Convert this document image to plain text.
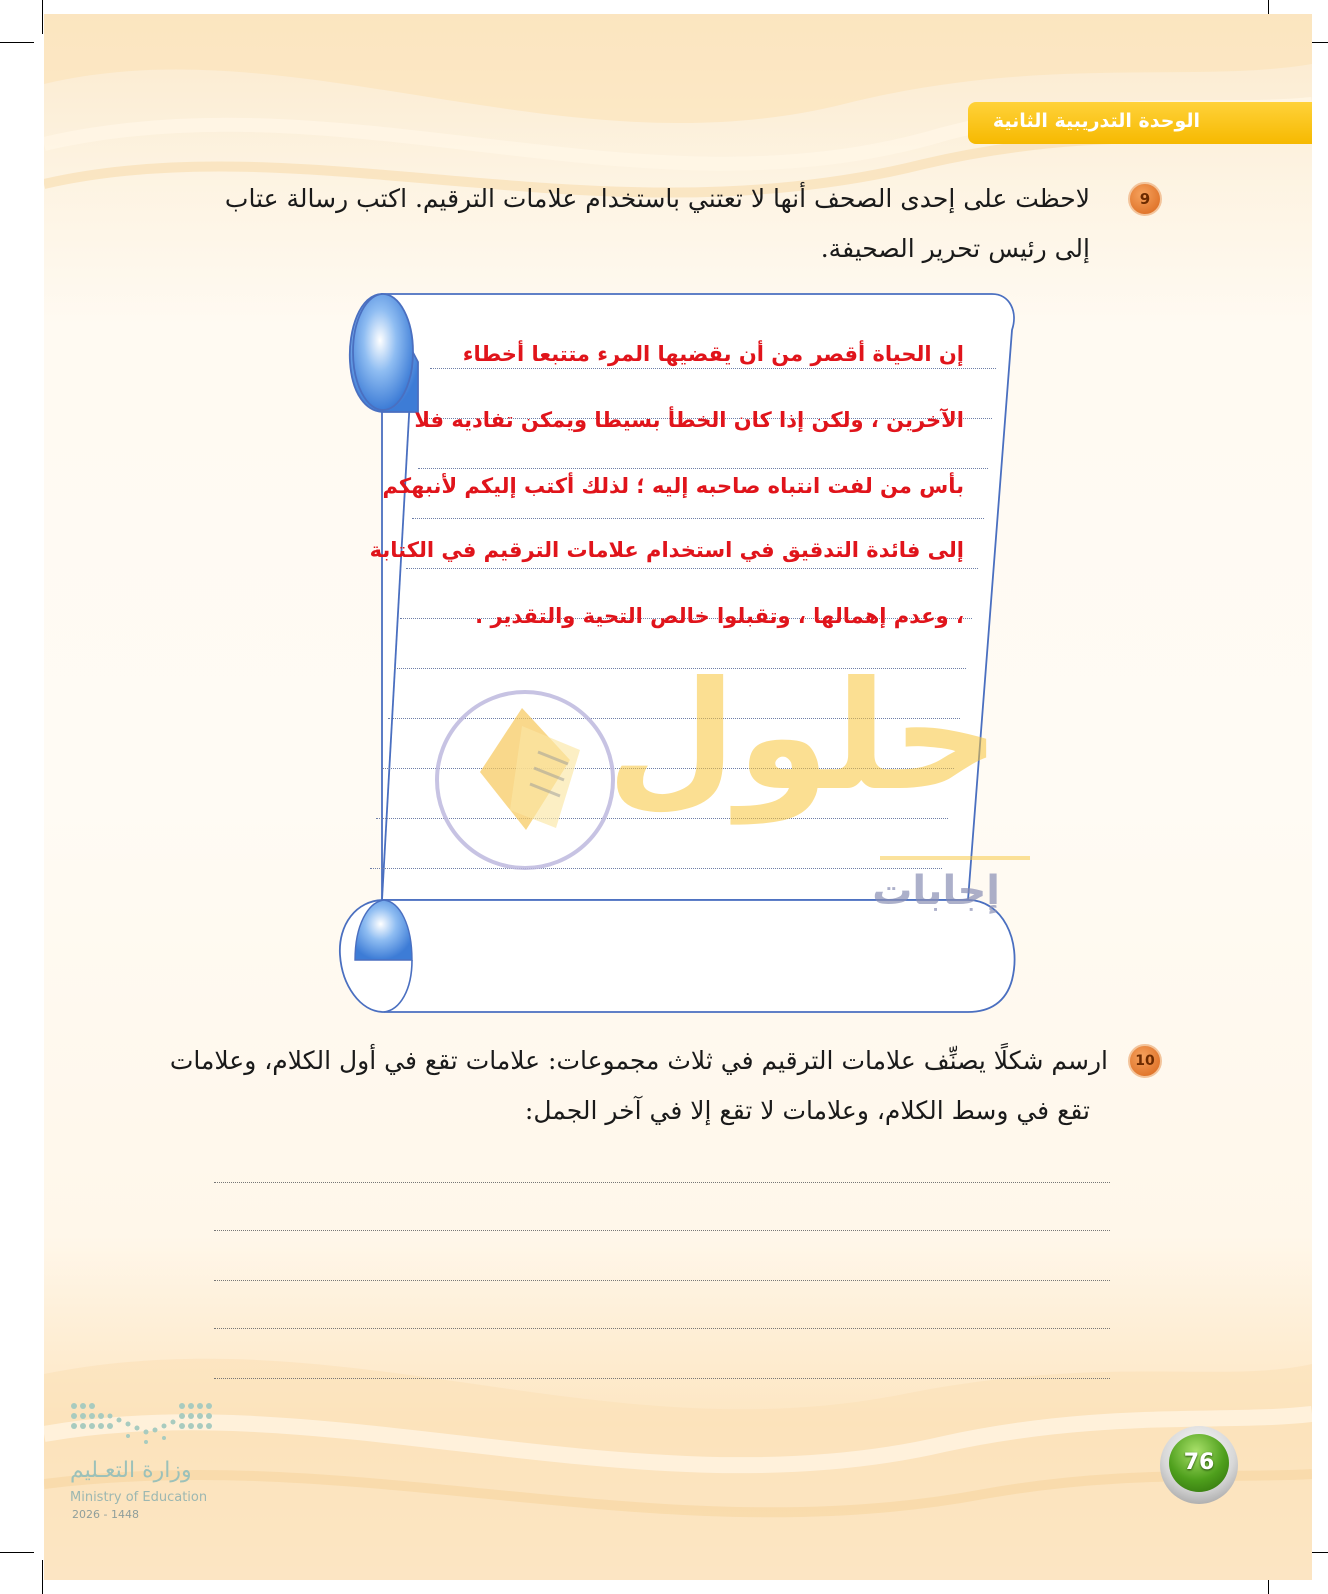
الوحدة التدريبية الثانية
9
لاحظت على إحدى الصحف أنها لا تعتني باستخدام علامات الترقيم. اكتب رسالة عتاب
إلى رئيس تحرير الصحيفة.
حلول
إجابات
إن الحياة أقصر من أن يقضيها المرء متتبعا أخطاء
الآخرين ، ولكن إذا كان الخطأ بسيطا ويمكن تفاديه فلا
بأس من لفت انتباه صاحبه إليه ؛ لذلك أكتب إليكم لأنبهكم
إلى فائدة التدقيق في استخدام علامات الترقيم في الكتابة
، وعدم إهمالها ، وتقبلوا خالص التحية والتقدير .
10
ارسم شكلًا يصنِّف علامات الترقيم في ثلاث مجموعات: علامات تقع في أول الكلام، وعلامات
تقع في وسط الكلام، وعلامات لا تقع إلا في آخر الجمل:
وزارة التعـليم
Ministry of Education
2026 - 1448
76
